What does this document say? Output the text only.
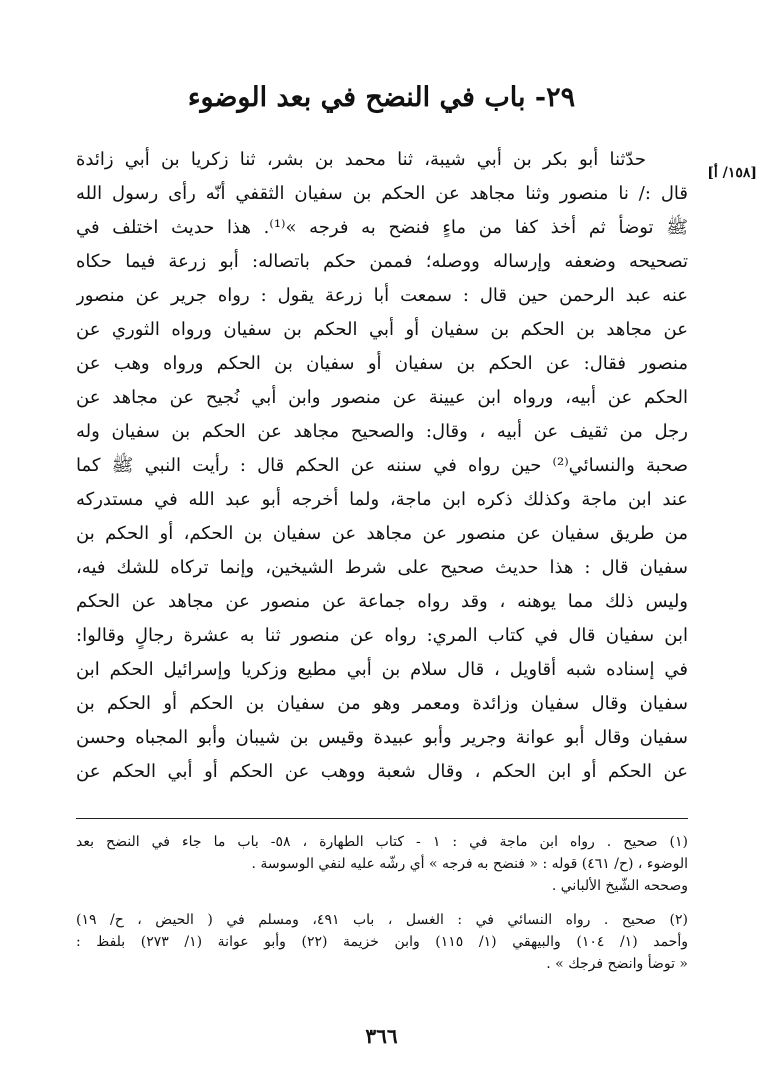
٢٩- باب في النضح في بعد الوضوء
[١٥٨/ أ]
حدّثنا أبو بكر بن أبي شيبة، ثنا محمد بن بشر، ثنا زكريا بن أبي زائدة
قال :/ نا منصور وثنا مجاهد عن الحكم بن سفيان الثقفي أنّه رأى رسول الله
ﷺ توضأ ثم أخذ كفا من ماءٍ فنضح به فرجه »⁽¹⁾. هذا حديث اختلف في
تصحيحه وضعفه وإرساله ووصله؛ فممن حكم باتصاله: أبو زرعة فيما حكاه
عنه عبد الرحمن حين قال : سمعت أبا زرعة يقول : رواه جرير عن منصور
عن مجاهد بن الحكم بن سفيان أو أبي الحكم بن سفيان ورواه الثوري عن
منصور فقال: عن الحكم بن سفيان أو سفيان بن الحكم ورواه وهب عن
الحكم عن أبيه، ورواه ابن عيينة عن منصور وابن أبي نُجيح عن مجاهد عن
رجل من ثقيف عن أبيه ، وقال: والصحيح مجاهد عن الحكم بن سفيان وله
صحبة والنسائي⁽²⁾ حين رواه في سننه عن الحكم قال : رأيت النبي ﷺ كما
عند ابن ماجة وكذلك ذكره ابن ماجة، ولما أخرجه أبو عبد الله في مستدركه
من طريق سفيان عن منصور عن مجاهد عن سفيان بن الحكم، أو الحكم بن
سفيان قال : هذا حديث صحيح على شرط الشيخين، وإنما تركاه للشك فيه،
وليس ذلك مما يوهنه ، وقد رواه جماعة عن منصور عن مجاهد عن الحكم
ابن سفيان قال في كتاب المري: رواه عن منصور ثنا به عشرة رجالٍ وقالوا:
في إسناده شبه أقاويل ، قال سلام بن أبي مطيع وزكريا وإسرائيل الحكم ابن
سفيان وقال سفيان وزائدة ومعمر وهو من سفيان بن الحكم أو الحكم بن
سفيان وقال أبو عوانة وجرير وأبو عبيدة وقيس بن شيبان وأبو المجباه وحسن
عن الحكم أو ابن الحكم ، وقال شعبة ووهب عن الحكم أو أبي الحكم عن
(١) صحيح . رواه ابن ماجة في : ١ - كتاب الطهارة ، ٥٨- باب ما جاء في النضح بعد
الوضوء ، (ح/ ٤٦١) قوله : « فنضح به فرجه » أي رشّه عليه لنفي الوسوسة .
وصححه الشّيخ الألباني .
(٢) صحيح . رواه النسائي في : الغسل ، باب ٤٩١، ومسلم في ( الحيض ، ح/ ١٩)
وأحمد (١/ ١٠٤) والبيهقي (١/ ١١٥) وابن خزيمة (٢٢) وأبو عوانة (١/ ٢٧٣) بلفظ :
« توضأ وانضح فرجك » .
٣٦٦
